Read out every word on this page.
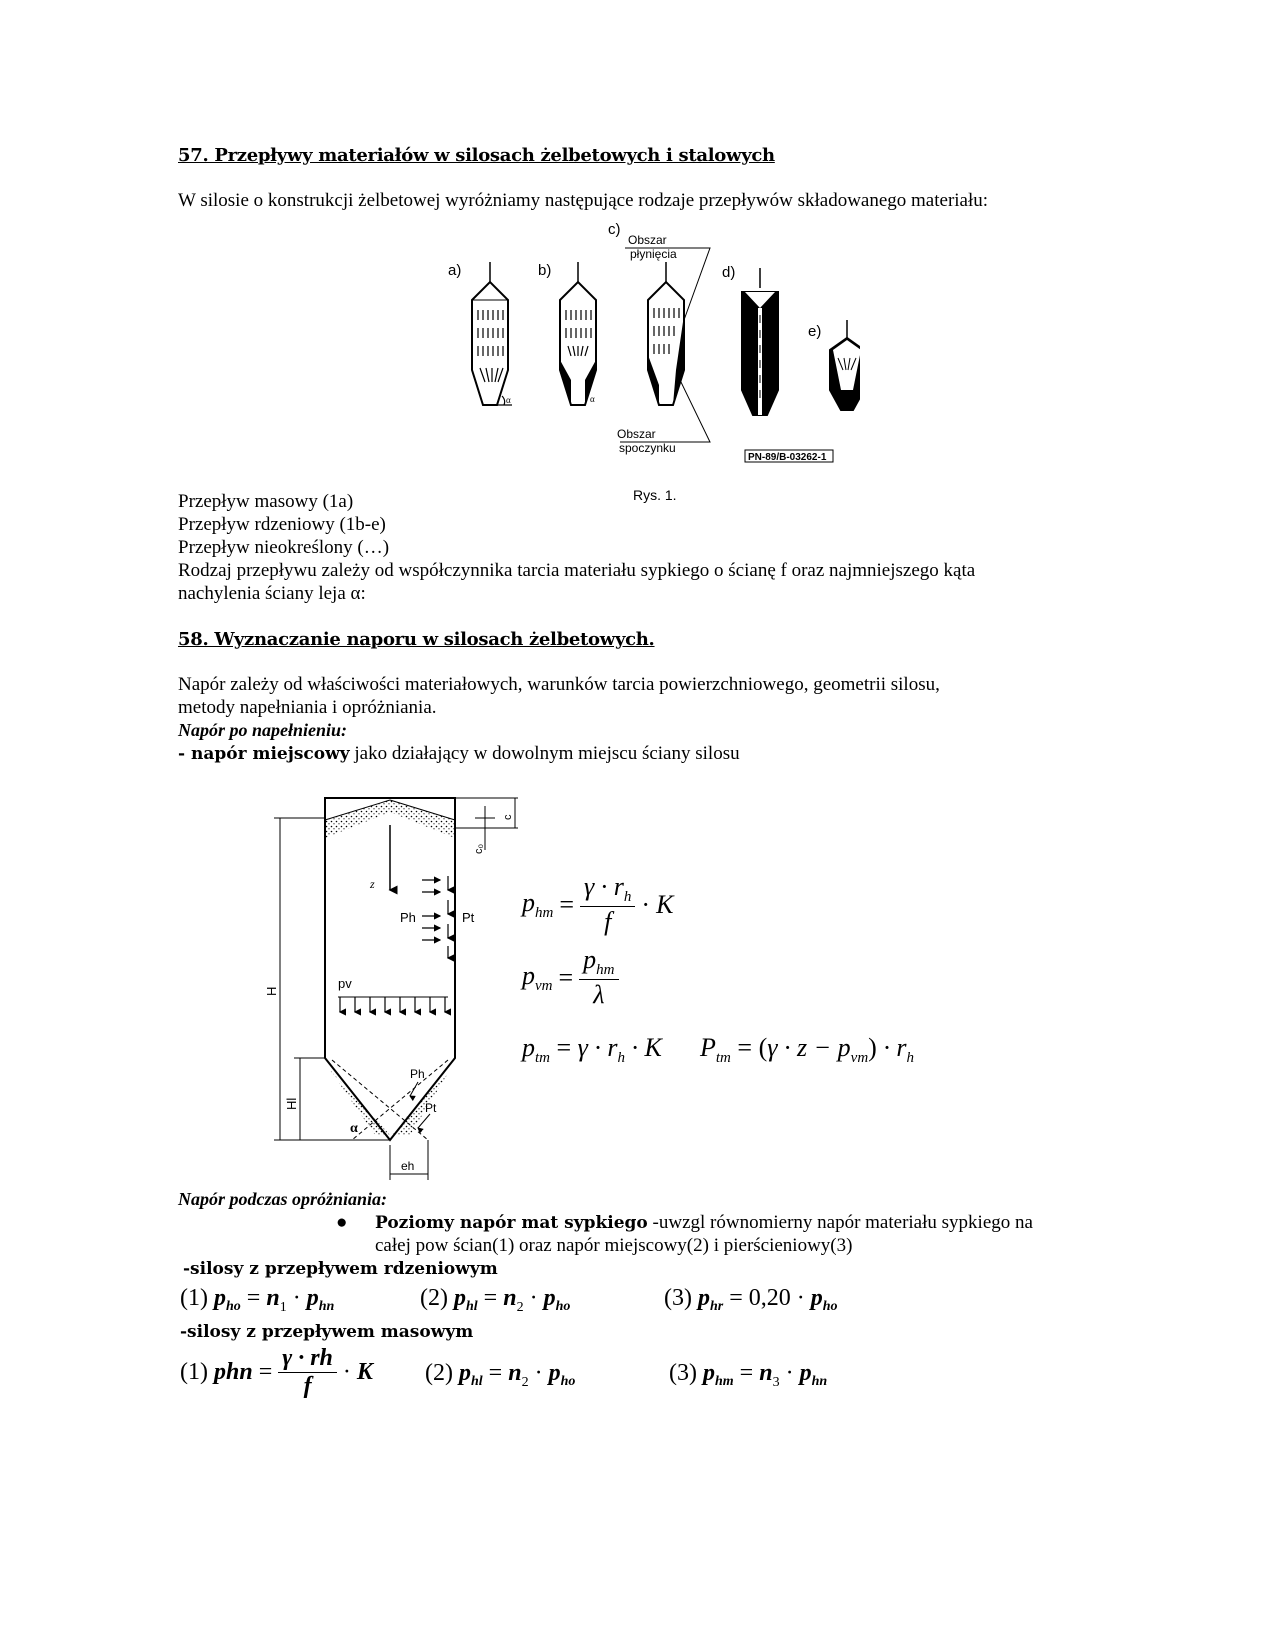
57. Przepływy materiałów w silosach żelbetowych i stalowych
W silosie o konstrukcji żelbetowej wyróżniamy następujące rodzaje przepływów składowanego materiału:
α
a)
α
b)
c)
Obszar
płynięcia
Obszar
spoczynku
d)
e)
PN-89/B-03262-1
Rys. 1.
Przepływ masowy (1a)
Przepływ rdzeniowy (1b-e)
Przepływ nieokreślony (…)
Rodzaj przepływu zależy od współczynnika tarcia materiału sypkiego o ścianę f oraz najmniejszego kąta
nachylenia ściany leja α:
58. Wyznaczanie naporu w silosach żelbetowych.
Napór zależy od właściwości materiałowych, warunków tarcia powierzchniowego, geometrii silosu,
metody napełniania i opróżniania.
Napór po napełnieniu:
- napór miejscowy jako działający w dowolnym miejscu ściany silosu
z
Ph	Pt
pv
H
Hl
α
Ph
Pt
c
c₀
eh
$p_{hm} = \frac{\gamma \cdot r_h}{f} \cdot K$
$p_{vm} = \frac{p_{hm}}{\lambda}$
$p_{tm} = \gamma \cdot r_h \cdot K$ $P_{tm} = (\gamma \cdot z - p_{vm}) \cdot r_h$
Napór podczas opróżniania:
● Poziomy napór mat sypkiego -uwzgl równomierny napór materiału sypkiego na
całej pow ścian(1) oraz napór miejscowy(2) i pierścieniowy(3)
-silosy z przepływem rdzeniowym
(1) $p_{ho} = n_1 \cdot p_{hn}$	(2) $p_{hl} = n_2 \cdot p_{ho}$	(3) $p_{hr} = 0,20 \cdot p_{ho}$
-silosy z przepływem masowym
(1) phn = $\frac{\gamma \cdot rh}{f} \cdot K$ (2) $p_{hl} = n_2 \cdot p_{ho}$	(3) $p_{hm} = n_3 \cdot p_{hn}$
